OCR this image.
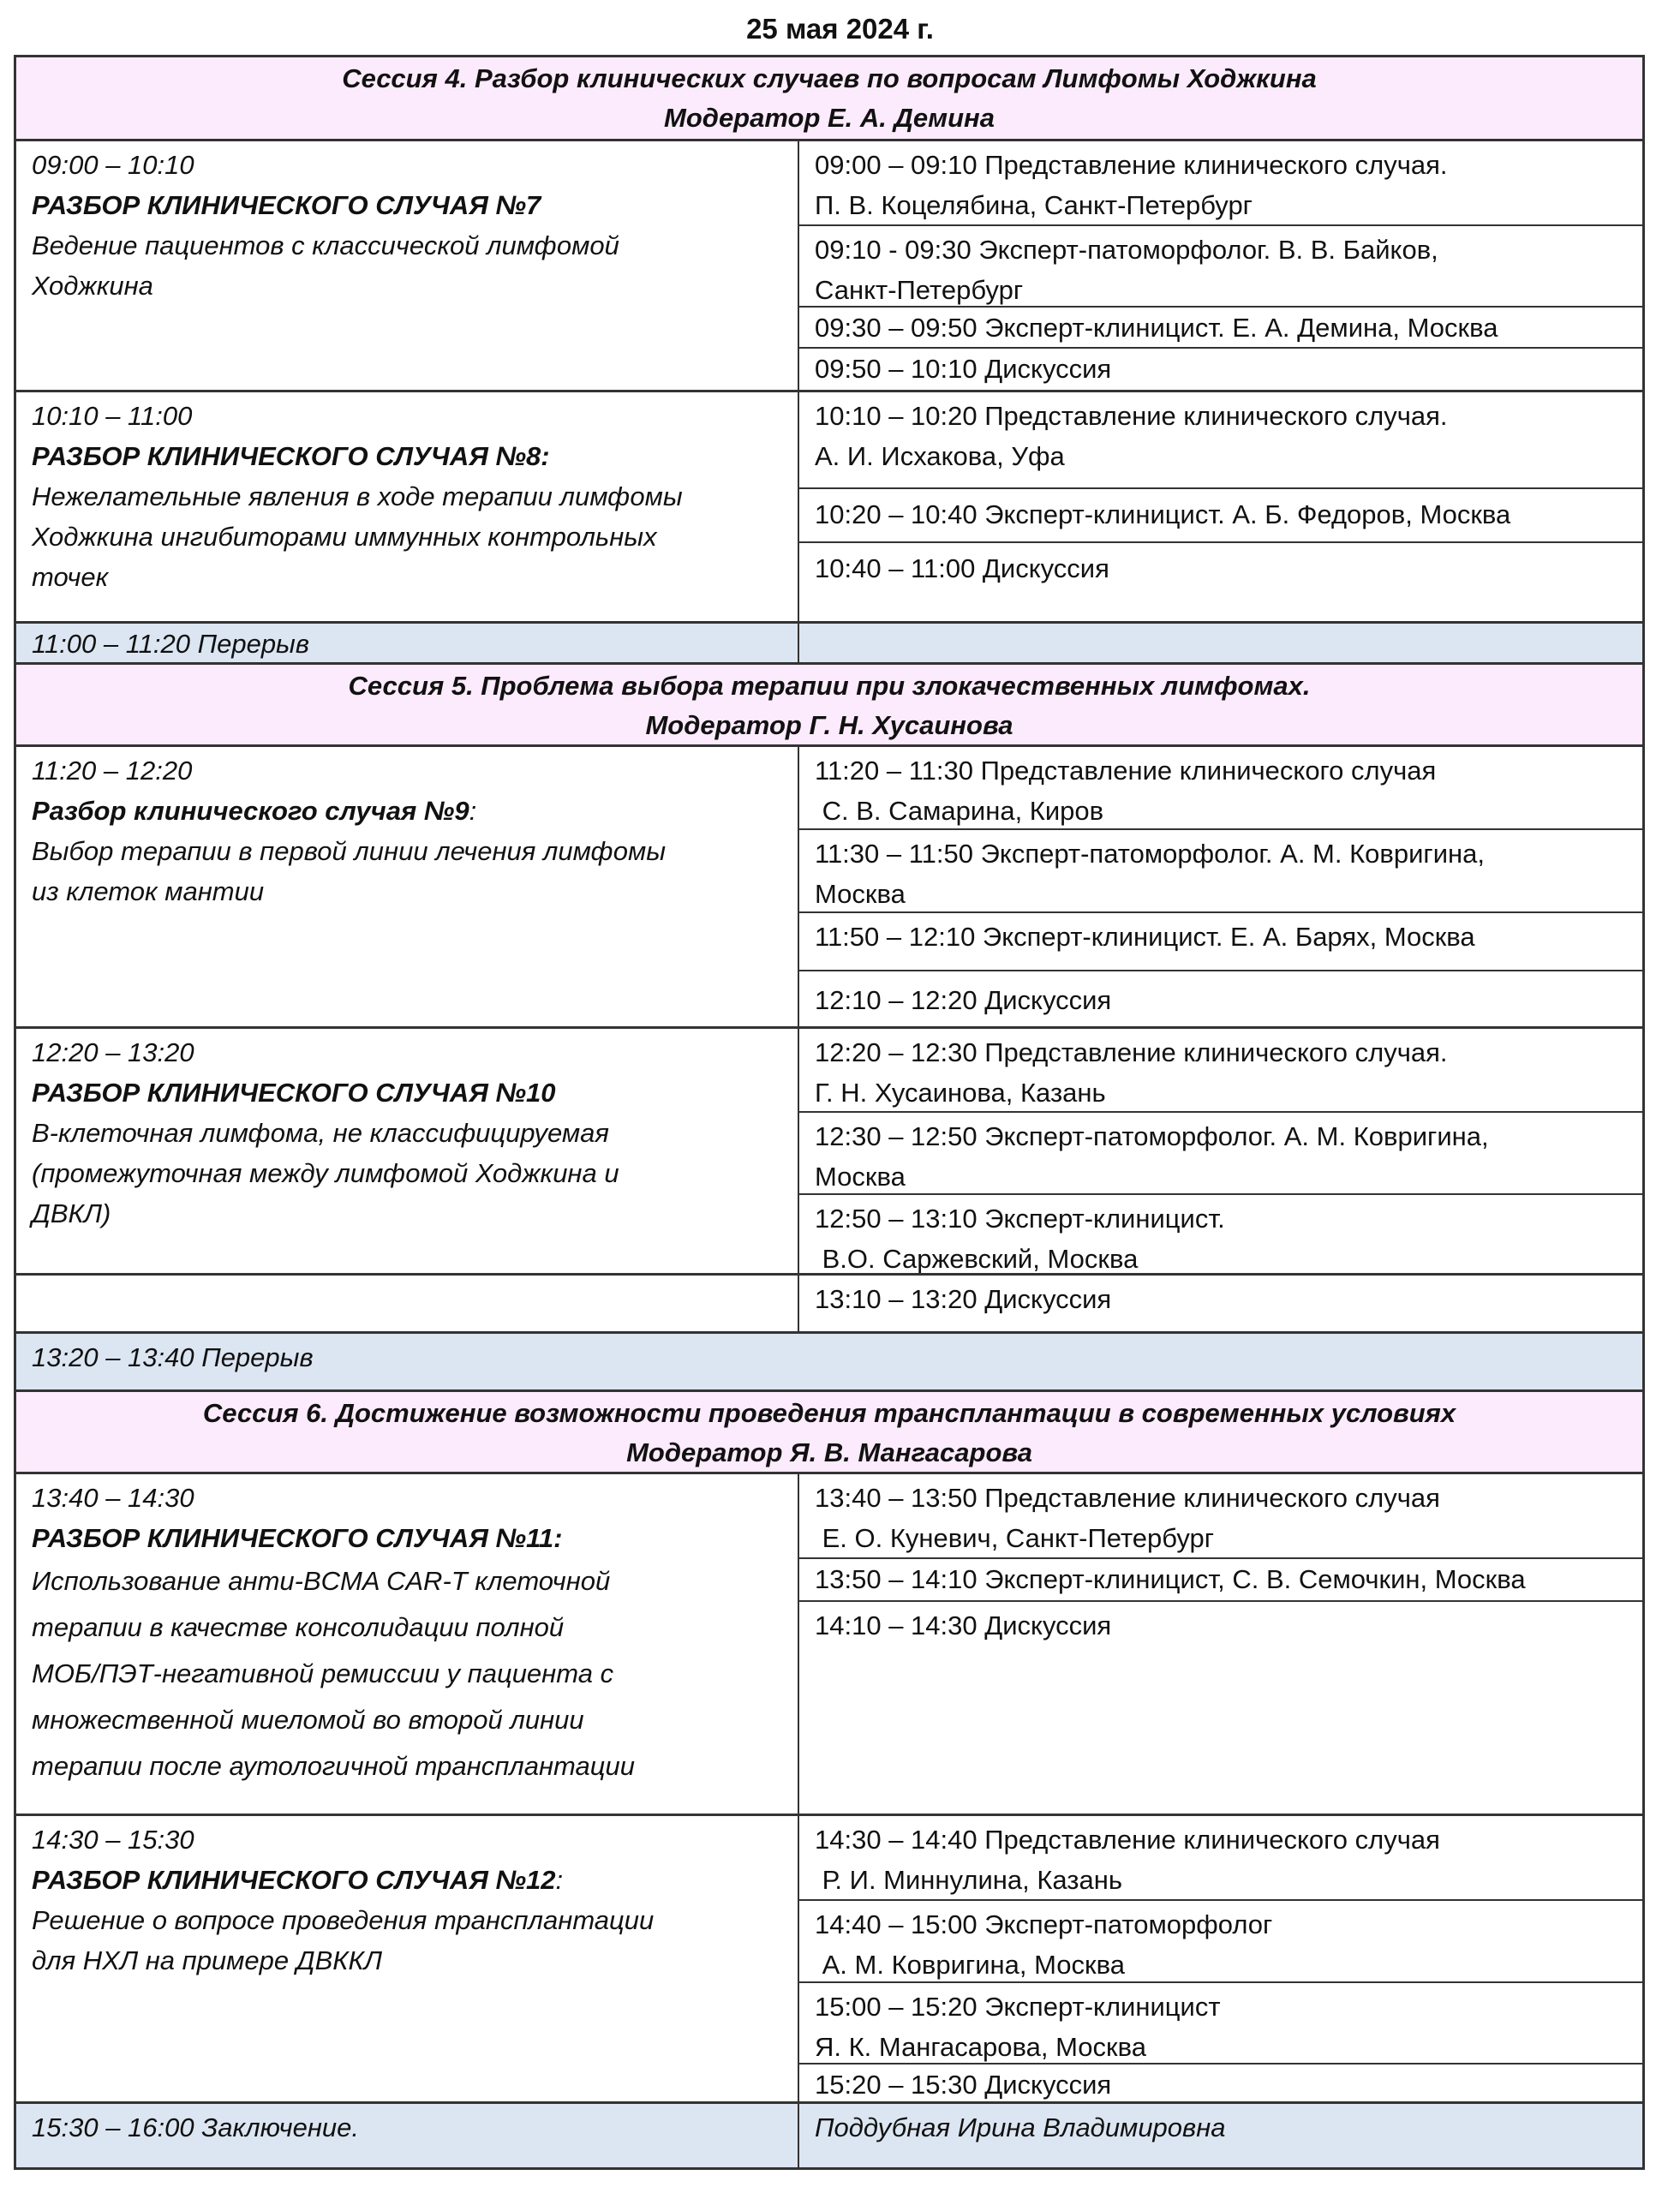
25 мая 2024 г.
Сессия 4. Разбор клинических случаев по вопросам Лимфомы Ходжкина
Модератор Е. А. Демина
09:00 – 10:10
РАЗБОР КЛИНИЧЕСКОГО СЛУЧАЯ №7
Ведение пациентов с классической лимфомой
Ходжкина
09:00 – 09:10 Представление клинического случая.
П. В. Коцелябина, Санкт-Петербург
09:10 - 09:30 Эксперт-патоморфолог. В. В. Байков,
Санкт-Петербург
09:30 – 09:50 Эксперт-клиницист. Е. А. Демина, Москва
09:50 – 10:10 Дискуссия
10:10 – 11:00
РАЗБОР КЛИНИЧЕСКОГО СЛУЧАЯ №8:
Нежелательные явления в ходе терапии лимфомы
Ходжкина ингибиторами иммунных контрольных
точек
10:10 – 10:20 Представление клинического случая.
А. И. Исхакова, Уфа
10:20 – 10:40 Эксперт-клиницист. А. Б. Федоров, Москва
10:40 – 11:00 Дискуссия
11:00 – 11:20 Перерыв
Сессия 5. Проблема выбора терапии при злокачественных лимфомах.
Модератор Г. Н. Хусаинова
11:20 – 12:20
Разбор клинического случая №9:
Выбор терапии в первой линии лечения лимфомы
из клеток мантии
11:20 – 11:30 Представление клинического случая
С. В. Самарина, Киров
11:30 – 11:50 Эксперт-патоморфолог. А. М. Ковригина,
Москва
11:50 – 12:10 Эксперт-клиницист. Е. А. Барях, Москва
12:10 – 12:20 Дискуссия
12:20 – 13:20
РАЗБОР КЛИНИЧЕСКОГО СЛУЧАЯ №10
В-клеточная лимфома, не классифицируемая
(промежуточная между лимфомой Ходжкина и
ДВКЛ)
12:20 – 12:30 Представление клинического случая.
Г. Н. Хусаинова, Казань
12:30 – 12:50 Эксперт-патоморфолог. А. М. Ковригина,
Москва
12:50 – 13:10 Эксперт-клиницист.
В.О. Саржевский, Москва
13:10 – 13:20 Дискуссия
13:20 – 13:40 Перерыв
Сессия 6. Достижение возможности проведения трансплантации в современных условиях
Модератор Я. В. Мангасарова
13:40 – 14:30
РАЗБОР КЛИНИЧЕСКОГО СЛУЧАЯ №11:
Использование анти-BCMA CAR-T клеточной
терапии в качестве консолидации полной
МОБ/ПЭТ-негативной ремиссии у пациента с
множественной миеломой во второй линии
терапии после аутологичной трансплантации
13:40 – 13:50 Представление клинического случая
Е. О. Куневич, Санкт-Петербург
13:50 – 14:10 Эксперт-клиницист, С. В. Семочкин, Москва
14:10 – 14:30 Дискуссия
14:30 – 15:30
РАЗБОР КЛИНИЧЕСКОГО СЛУЧАЯ №12:
Решение о вопросе проведения трансплантации
для НХЛ на примере ДВККЛ
14:30 – 14:40 Представление клинического случая
Р. И. Миннулина, Казань
14:40 – 15:00 Эксперт-патоморфолог
А. М. Ковригина, Москва
15:00 – 15:20 Эксперт-клиницист
Я. К. Мангасарова, Москва
15:20 – 15:30 Дискуссия
15:30 – 16:00 Заключение.	Поддубная Ирина Владимировна
